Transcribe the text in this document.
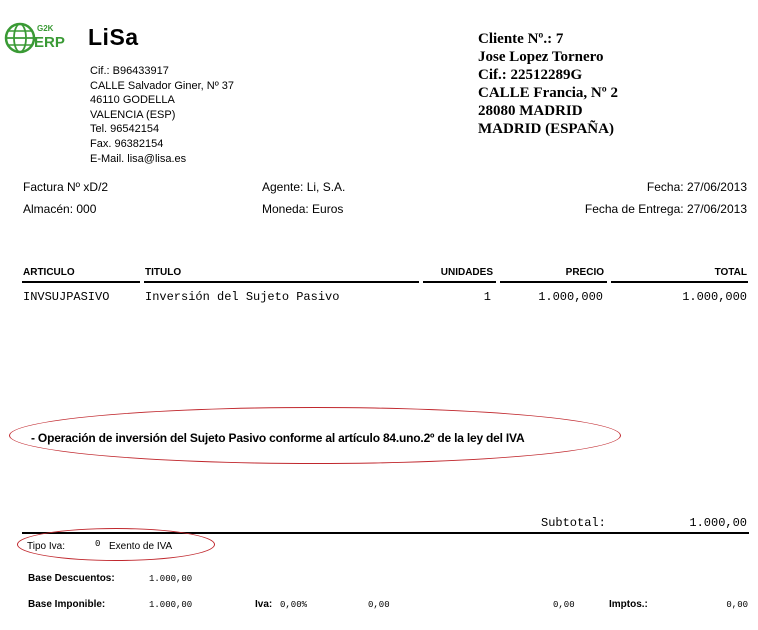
G2K
ERP LiSa
Cif.: B96433917
CALLE Salvador Giner, Nº 37
46110 GODELLA
VALENCIA (ESP)
Tel. 96542154
Fax. 96382154
E-Mail. lisa@lisa.es
Cliente Nº.: 7
Jose Lopez Tornero
Cif.: 22512289G
CALLE Francia, Nº 2
28080 MADRID
MADRID (ESPAÑA)
Factura Nº xD/2
Almacén: 000
Agente: Li, S.A.
Moneda: Euros
Fecha: 27/06/2013
Fecha de Entrega: 27/06/2013
ARTICULO	TITULO	UNIDADES	PRECIO	TOTAL
INVSUJPASIVO	Inversión del Sujeto Pasivo	1	1.000,000	1.000,000
- Operación de inversión del Sujeto Pasivo conforme al artículo 84.uno.2º de la ley del IVA
Subtotal:	1.000,00
Tipo Iva:	0 Exento de IVA
Base Descuentos:	1.000,00
Base Imponible:	1.000,00	Iva: 0,00%	0,00	0,00	Imptos.:	0,00
